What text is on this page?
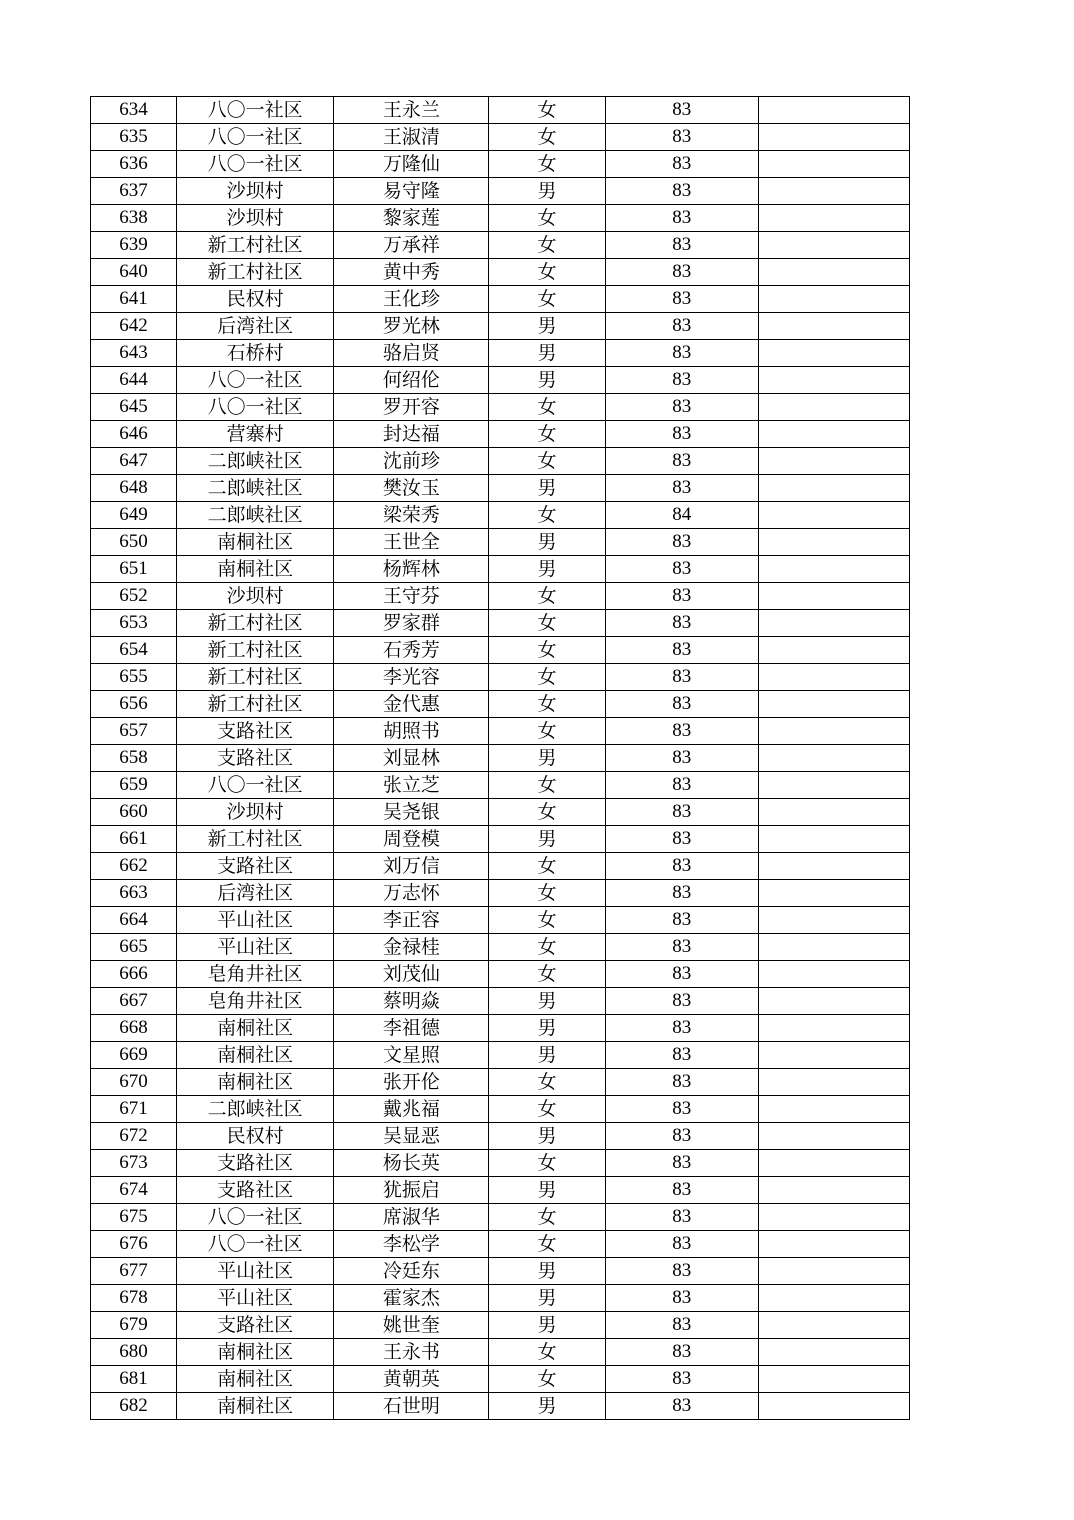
634	八〇一社区	王永兰	女	83	
635	八〇一社区	王淑清	女	83	
636	八〇一社区	万隆仙	女	83	
637	沙坝村	易守隆	男	83	
638	沙坝村	黎家莲	女	83	
639	新工村社区	万承祥	女	83	
640	新工村社区	黄中秀	女	83	
641	民权村	王化珍	女	83	
642	后湾社区	罗光林	男	83	
643	石桥村	骆启贤	男	83	
644	八〇一社区	何绍伦	男	83	
645	八〇一社区	罗开容	女	83	
646	营寨村	封达福	女	83	
647	二郎峡社区	沈前珍	女	83	
648	二郎峡社区	樊汝玉	男	83	
649	二郎峡社区	梁荣秀	女	84	
650	南桐社区	王世全	男	83	
651	南桐社区	杨辉林	男	83	
652	沙坝村	王守芬	女	83	
653	新工村社区	罗家群	女	83	
654	新工村社区	石秀芳	女	83	
655	新工村社区	李光容	女	83	
656	新工村社区	金代惠	女	83	
657	支路社区	胡照书	女	83	
658	支路社区	刘显林	男	83	
659	八〇一社区	张立芝	女	83	
660	沙坝村	吴尧银	女	83	
661	新工村社区	周登模	男	83	
662	支路社区	刘万信	女	83	
663	后湾社区	万志怀	女	83	
664	平山社区	李正容	女	83	
665	平山社区	金禄桂	女	83	
666	皂角井社区	刘茂仙	女	83	
667	皂角井社区	蔡明焱	男	83	
668	南桐社区	李祖德	男	83	
669	南桐社区	文星照	男	83	
670	南桐社区	张开伦	女	83	
671	二郎峡社区	戴兆福	女	83	
672	民权村	吴显恶	男	83	
673	支路社区	杨长英	女	83	
674	支路社区	犹振启	男	83	
675	八〇一社区	席淑华	女	83	
676	八〇一社区	李松学	女	83	
677	平山社区	冷廷东	男	83	
678	平山社区	霍家杰	男	83	
679	支路社区	姚世奎	男	83	
680	南桐社区	王永书	女	83	
681	南桐社区	黄朝英	女	83	
682	南桐社区	石世明	男	83	
